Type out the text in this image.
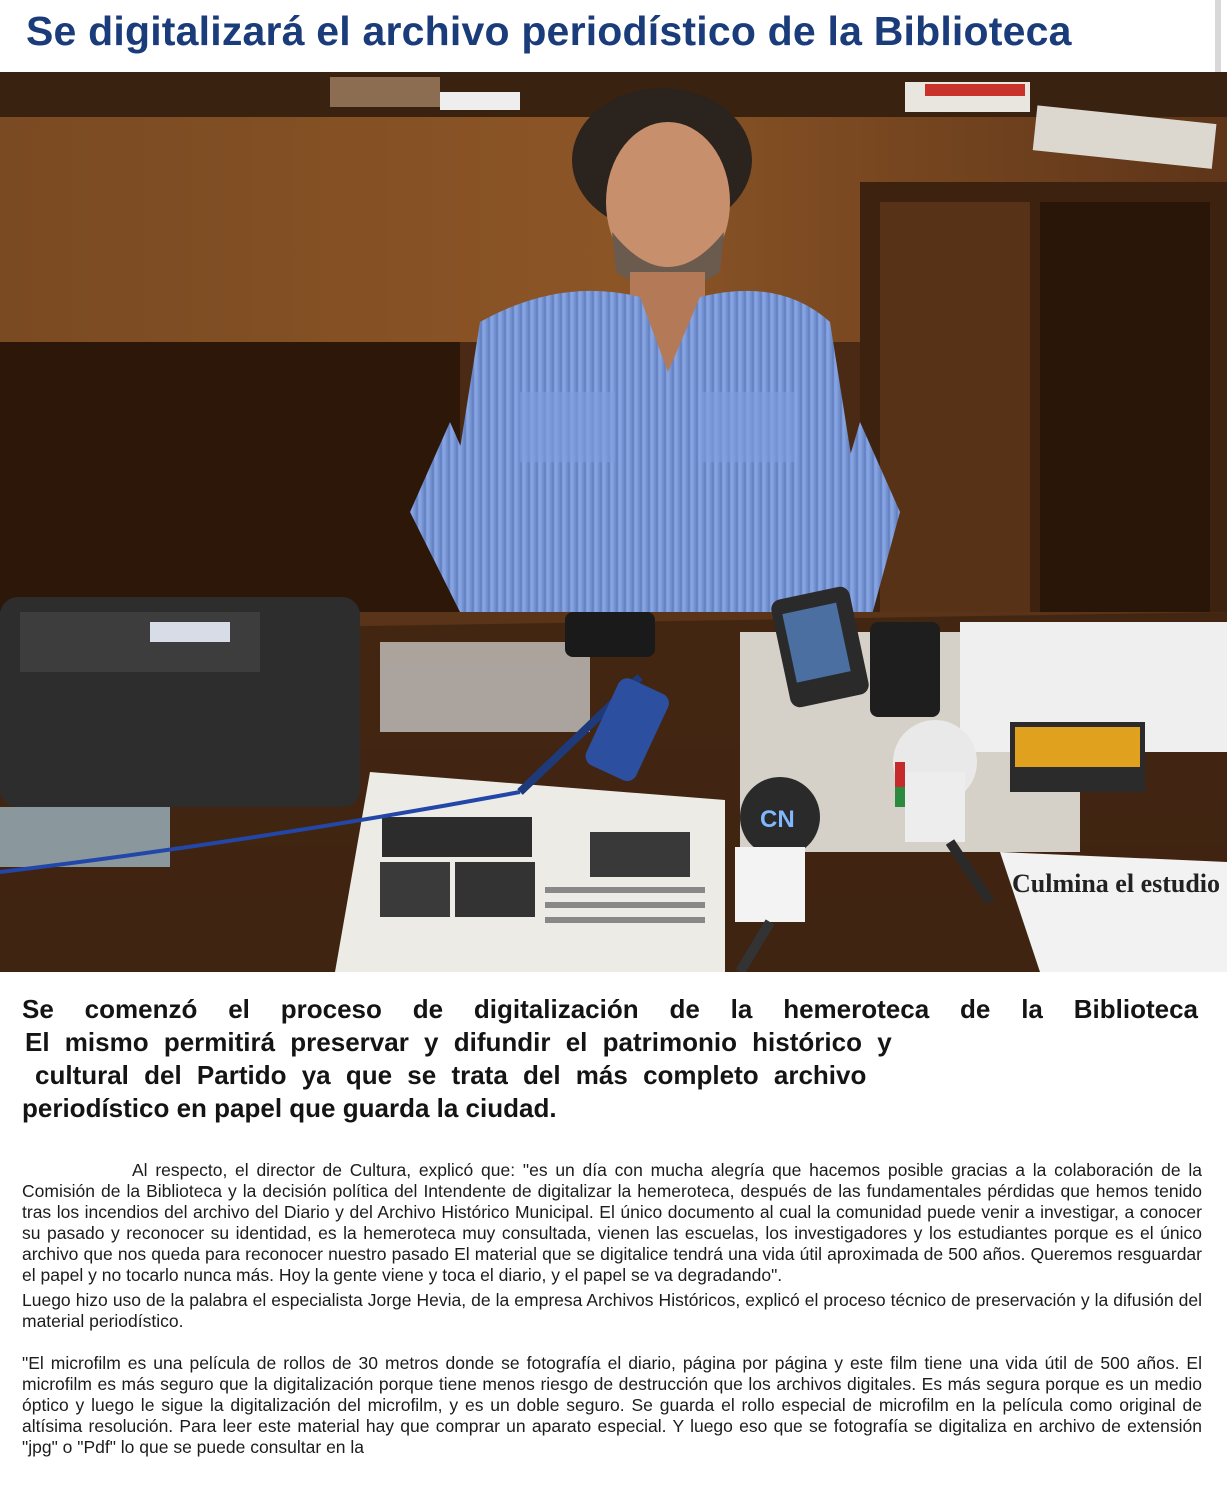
Se digitalizará el archivo periodístico de la Biblioteca
Culmina el estudio
CN

Se comenzó el proceso de digitalización de la hemeroteca de la Biblioteca

El mismo permitirá preservar y difundir el patrimonio histórico y

cultural del Partido ya que se trata del más completo archivo

periodístico en papel que guarda la ciudad.

Al respecto, el director de Cultura, explicó que: "es un día con mucha alegría que hacemos posible gracias a la colaboración de la Comisión de la Biblioteca y la decisión política del Intendente de digitalizar la hemeroteca, después de las fundamentales pérdidas que hemos tenido tras los incendios del archivo del Diario y del Archivo Histórico Municipal. El único documento al cual la comunidad puede venir a investigar, a conocer su pasado y reconocer su identidad, es la hemeroteca muy consultada, vienen las escuelas, los investigadores y los estudiantes porque es el único archivo que nos queda para reconocer nuestro pasado El material que se digitalice tendrá una vida útil aproximada de 500 años. Queremos resguardar el papel y no tocarlo nunca más. Hoy la gente viene y toca el diario, y el papel se va degradando".

Luego hizo uso de la palabra el especialista Jorge Hevia, de la empresa Archivos Históricos, explicó el proceso técnico de preservación y la difusión del material periodístico.

"El microfilm es una película de rollos de 30 metros donde se fotografía el diario, página por página y este film tiene una vida útil de 500 años. El microfilm es más seguro que la digitalización porque tiene menos riesgo de destrucción que los archivos digitales. Es más segura porque es un medio óptico y luego le sigue la digitalización del microfilm, y es un doble seguro. Se guarda el rollo especial de microfilm en la película como original de altísima resolución. Para leer este material hay que comprar un aparato especial. Y luego eso que se fotografía se digitaliza en archivo de extensión "jpg" o "Pdf" lo que se puede consultar en la
